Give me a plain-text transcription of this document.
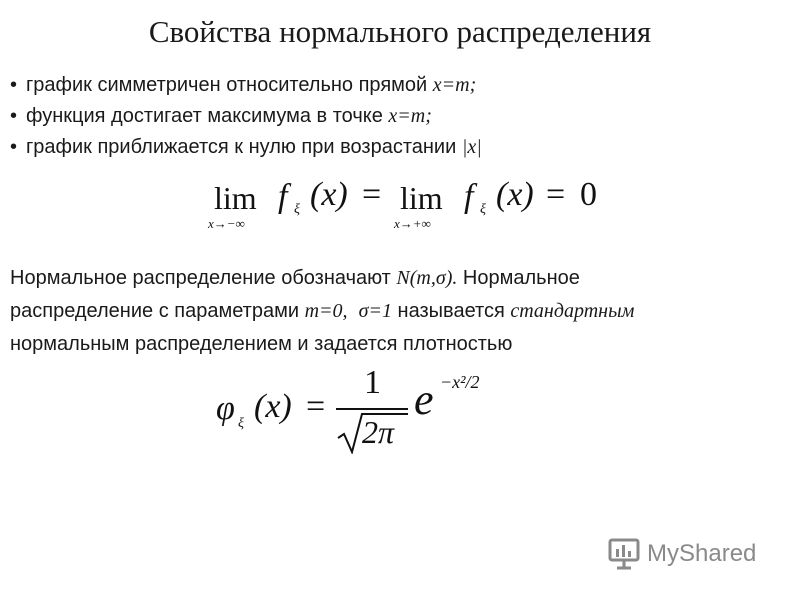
Свойства нормального распределения
• график симметричен относительно прямой x=m;
• функция достигает максимума в точке x=m;
• график приближается к нулю при возрастании |x|
lim
x→−∞
f ξ (x) = lim
x→+∞
f ξ (x) = 0
Нормальное распределение обозначают N(m,σ). Нормальное
распределение с параметрами m=0, σ=1 называется стандартным
нормальным распределением и задается плотностью
φ ξ (x) =
1
2π
e −x²/2
MyShared
